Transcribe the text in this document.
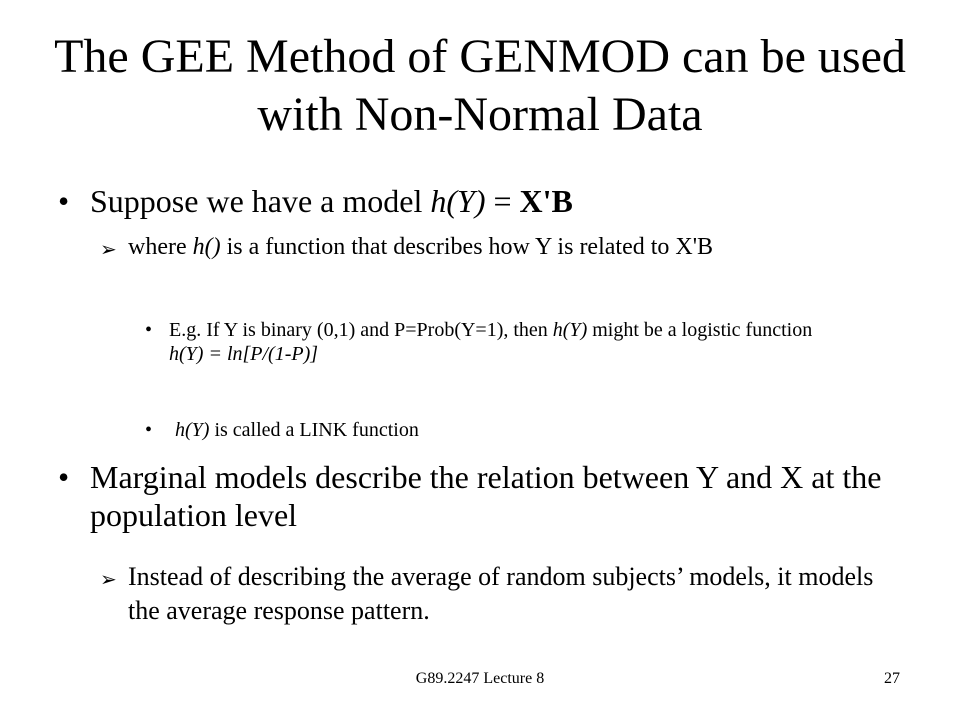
The GEE Method of GENMOD can be used with Non-Normal Data
• Suppose we have a model h(Y) = X'B
➢ where h() is a function that describes how Y is related to X'B
• E.g. If Y is binary (0,1) and P=Prob(Y=1), then h(Y) might be a logistic function
h(Y) = ln[P/(1-P)]
•	h(Y) is called a LINK function
• Marginal models describe the relation between Y and X at the population level
➢ Instead of describing the average of random subjects’ models, it models the average response pattern.
G89.2247 Lecture 8	27
